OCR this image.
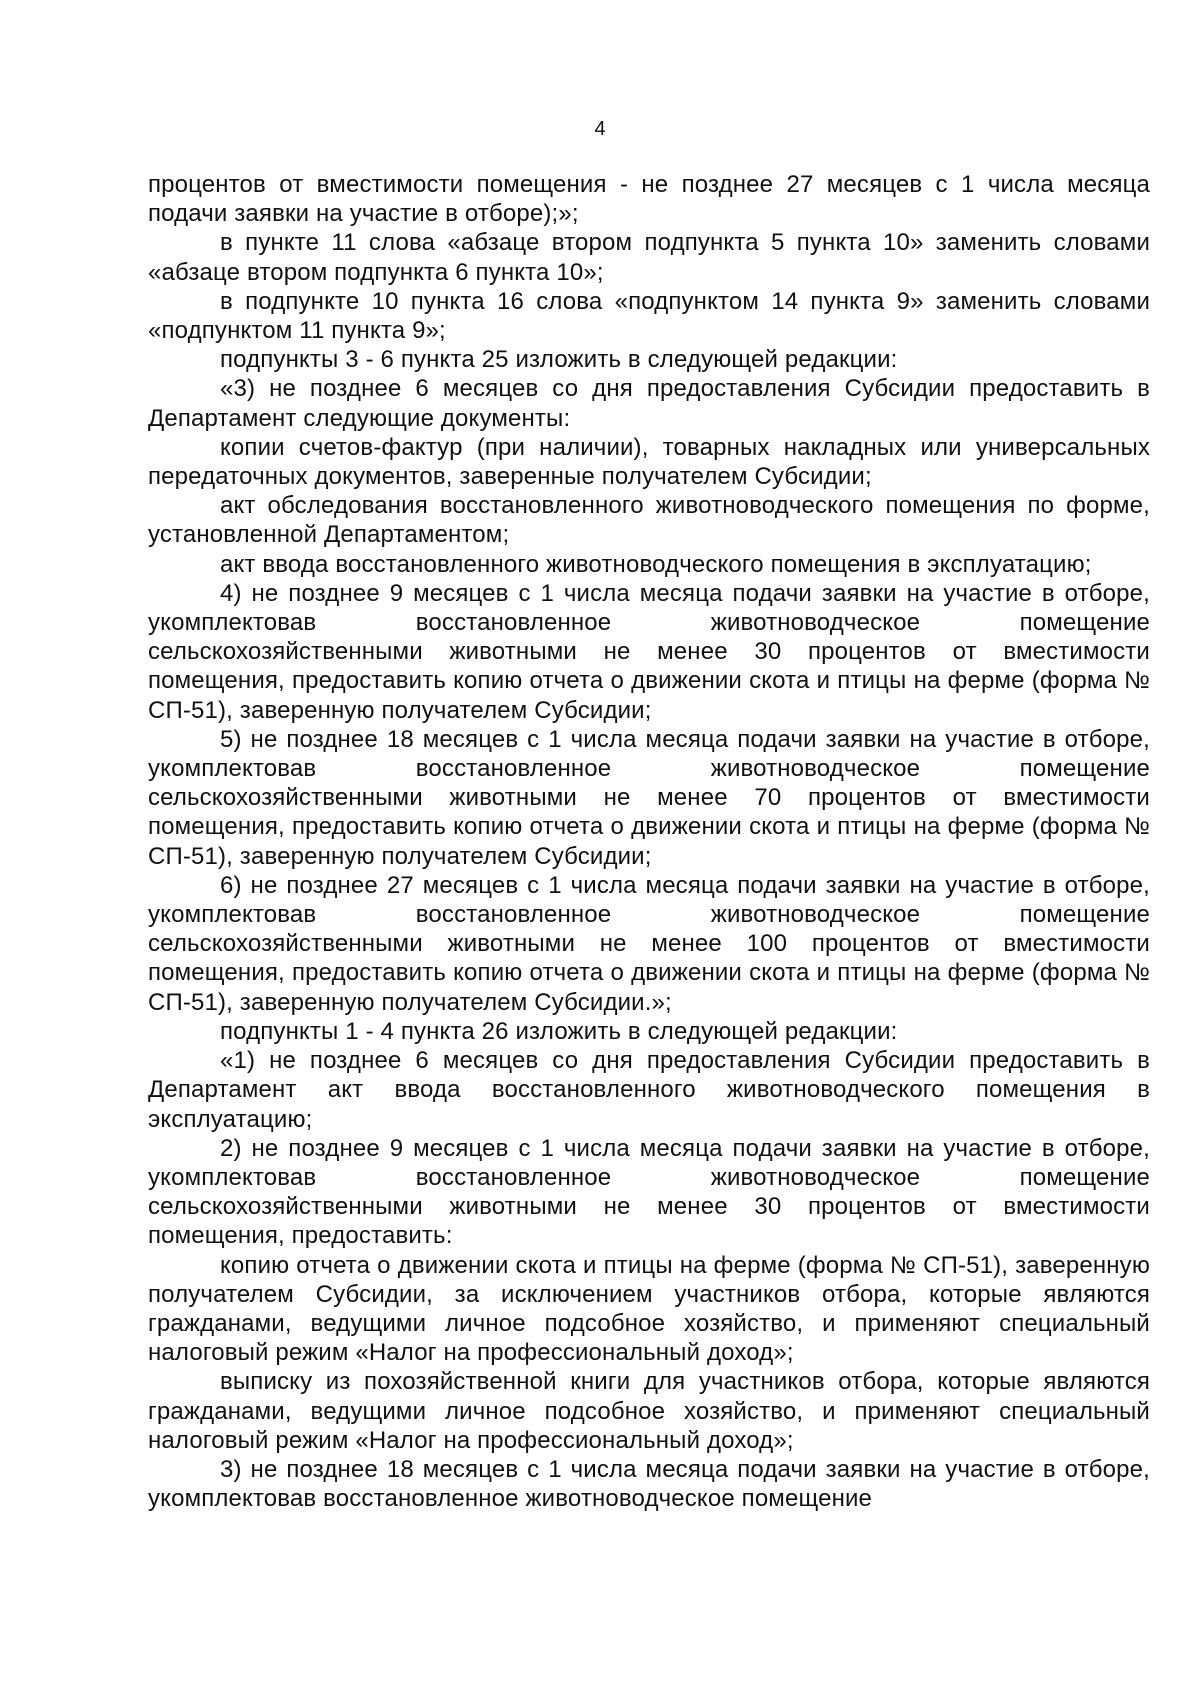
4

процентов от вместимости помещения - не позднее 27 месяцев с 1 числа месяца подачи заявки на участие в отборе);»;

в пункте 11 слова «абзаце втором подпункта 5 пункта 10» заменить словами «абзаце втором подпункта 6 пункта 10»;

в подпункте 10 пункта 16 слова «подпунктом 14 пункта 9» заменить словами «подпунктом 11 пункта 9»;

подпункты 3 - 6 пункта 25 изложить в следующей редакции:

«3) не позднее 6 месяцев со дня предоставления Субсидии предоставить в Департамент следующие документы:

копии счетов-фактур (при наличии), товарных накладных или универсальных передаточных документов, заверенные получателем Субсидии;

акт обследования восстановленного животноводческого помещения по форме, установленной Департаментом;

акт ввода восстановленного животноводческого помещения в эксплуатацию;

4) не позднее 9 месяцев с 1 числа месяца подачи заявки на участие в отборе, укомплектовав восстановленное животноводческое помещение сельскохозяйственными животными не менее 30 процентов от вместимости помещения, предоставить копию отчета о движении скота и птицы на ферме (форма № СП-51), заверенную получателем Субсидии;

5) не позднее 18 месяцев с 1 числа месяца подачи заявки на участие в отборе, укомплектовав восстановленное животноводческое помещение сельскохозяйственными животными не менее 70 процентов от вместимости помещения, предоставить копию отчета о движении скота и птицы на ферме (форма № СП-51), заверенную получателем Субсидии;

6) не позднее 27 месяцев с 1 числа месяца подачи заявки на участие в отборе, укомплектовав восстановленное животноводческое помещение сельскохозяйственными животными не менее 100 процентов от вместимости помещения, предоставить копию отчета о движении скота и птицы на ферме (форма № СП-51), заверенную получателем Субсидии.»;

подпункты 1 - 4 пункта 26 изложить в следующей редакции:

«1) не позднее 6 месяцев со дня предоставления Субсидии предоставить в Департамент акт ввода восстановленного животноводческого помещения в эксплуатацию;

2) не позднее 9 месяцев с 1 числа месяца подачи заявки на участие в отборе, укомплектовав восстановленное животноводческое помещение сельскохозяйственными животными не менее 30 процентов от вместимости помещения, предоставить:

копию отчета о движении скота и птицы на ферме (форма № СП-51), заверенную получателем Субсидии, за исключением участников отбора, которые являются гражданами, ведущими личное подсобное хозяйство, и применяют специальный налоговый режим «Налог на профессиональный доход»;

выписку из похозяйственной книги для участников отбора, которые являются гражданами, ведущими личное подсобное хозяйство, и применяют специальный налоговый режим «Налог на профессиональный доход»;

3) не позднее 18 месяцев с 1 числа месяца подачи заявки на участие в отборе, укомплектовав восстановленное животноводческое помещение
